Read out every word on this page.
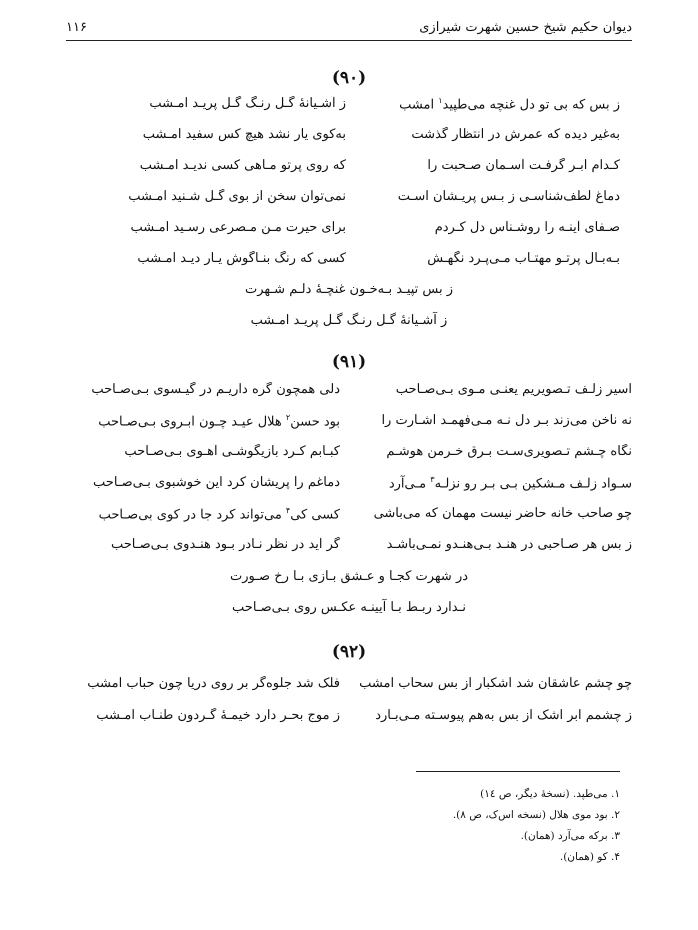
دیوان حکیم شیخ حسین شهرت شیرازی
۱۱۶
(۹۰)
ز بس که بی تو دل غنچه می‌طپید$^۱$ امشب
ز آشـیانهٔ گـل رنـگ گـل پریـد امـشب
به‌غیر دیده که عمرش در انتظار گذشت
به‌کوی یار نشد هیچ کس سفید امـشب
کـدام ابـر گرفـت آسـمان صـحبت را
که روی پرتو مـاهی کسی ندیـد امـشب
دماغ لطف‌شناسـی ز بـس پریـشان اسـت
نمی‌توان سخن از بوی گـل شـنید امـشب
صـفای آینـه را روشـناس دل کـردم
برای حیرت مـن مـصرعی رسـید امـشب
بـه‌بـال پرتـو مهتـاب مـی‌پـرد نگهـش
کسی که رنگ بنـاگوش یـار دیـد امـشب
ز بس تپیـد بـه‌خـون غنچـهٔ دلـم شـهرت
ز آشـیانهٔ گـل رنـگ گـل پریـد امـشب
(۹۱)
اسیر زلـف تـصویریم یعنـی مـوی بـی‌صـاحب
دلی همچون گره داریـم در گیـسوی بـی‌صـاحب
نه ناخن می‌زند بـر دل نـه مـی‌فهمـد اشـارت را
بود حسن$^۲$ هلال عیـد چـون ابـروی بـی‌صـاحب
نگاه چـشم تـصویری‌سـت بـرق خـرمن هوشـم
کبـابم کـرد بازیگوشـی آهـوی بـی‌صـاحب
سـواد زلـف مـشکین بـی بـر رو نزلـه$^۳$ مـی‌آرد
دماغم را پریشان کرد این خوشبوی بـی‌صـاحب
چو صاحب خانه حاضر نیست مهمان که می‌باشی
کسی کی$^۴$ می‌تواند کرد جا در کوی بی‌صـاحب
ز بس هر صـاحبی در هنـد بـی‌هنـدو نمـی‌باشـد
گر آید در نظر نـادر بـود هنـدوی بـی‌صـاحب
در شهرت کجـا و عـشق بـازی بـا رخ صـورت
نـدارد ربـط بـا آیینـه عکـس روی بـی‌صـاحب
(۹۲)
چو چشم عاشقان شد اشکبار از بس سحاب امشب
فلک شد جلوه‌گر بر روی دریا چون حباب امشب
ز چشمم ابر اشک از بس به‌هم پیوسـته مـی‌بـارد
ز موج بحـر دارد خیمـهٔ گـردون طنـاب امـشب
۱. می‌طپد. (نسخهٔ دیگر، ص ١٤)
۲. بود موی هلال (نسخه اس‌ک، ص ۸).
۳. برکه می‌آرد (همان).
۴. کو (همان).
